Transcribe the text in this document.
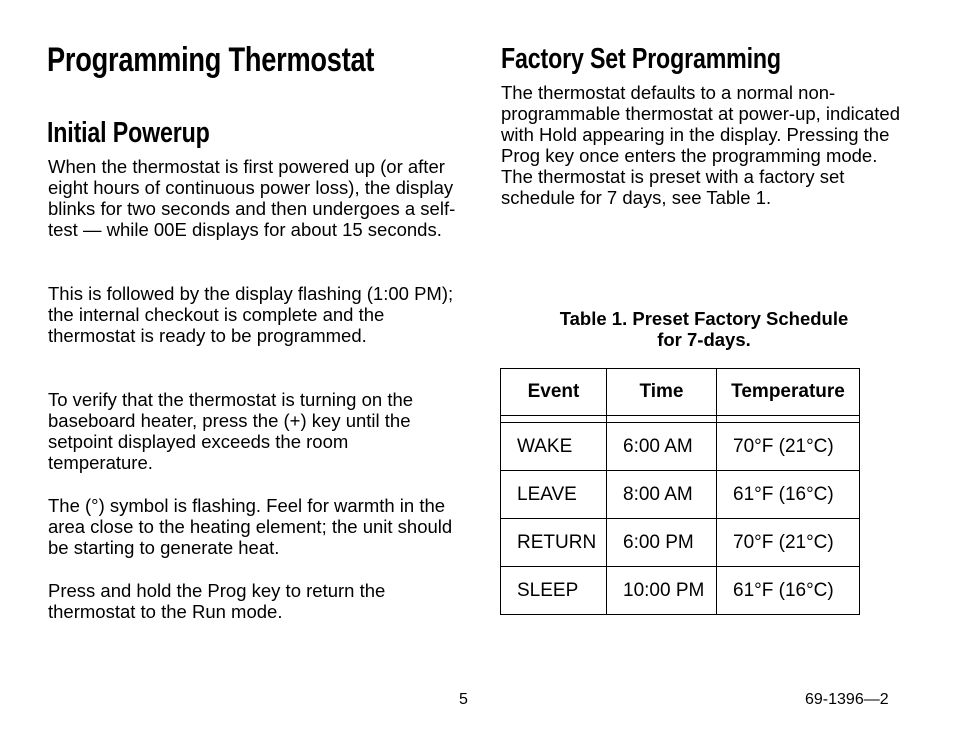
Programming Thermostat
Initial Powerup

When the thermostat is first powered up (or after eight hours of continuous power loss), the display blinks for two seconds and then undergoes a self-test — while 00E displays for about 15 seconds.

This is followed by the display flashing (1:00 PM); the internal checkout is complete and the thermostat is ready to be programmed.

To verify that the thermostat is turning on the baseboard heater, press the (+) key until the setpoint displayed exceeds the room temperature.

The (°) symbol is flashing. Feel for warmth in the area close to the heating element; the unit should be starting to generate heat.

Press and hold the Prog key to return the thermostat to the Run mode.

Factory Set Programming

The thermostat defaults to a normal non-programmable thermostat at power-up, indicated with Hold appearing in the display. Pressing the Prog key once enters the programming mode. The thermostat is preset with a factory set schedule for 7 days, see Table 1.

Table 1. Preset Factory Schedule
for 7-days.
Event	Time	Temperature

WAKE	6:00 AM	70°F (21°C)
LEAVE	8:00 AM	61°F (16°C)
RETURN	6:00 PM	70°F (21°C)
SLEEP	10:00 PM	61°F (16°C)

5	69-1396—2
